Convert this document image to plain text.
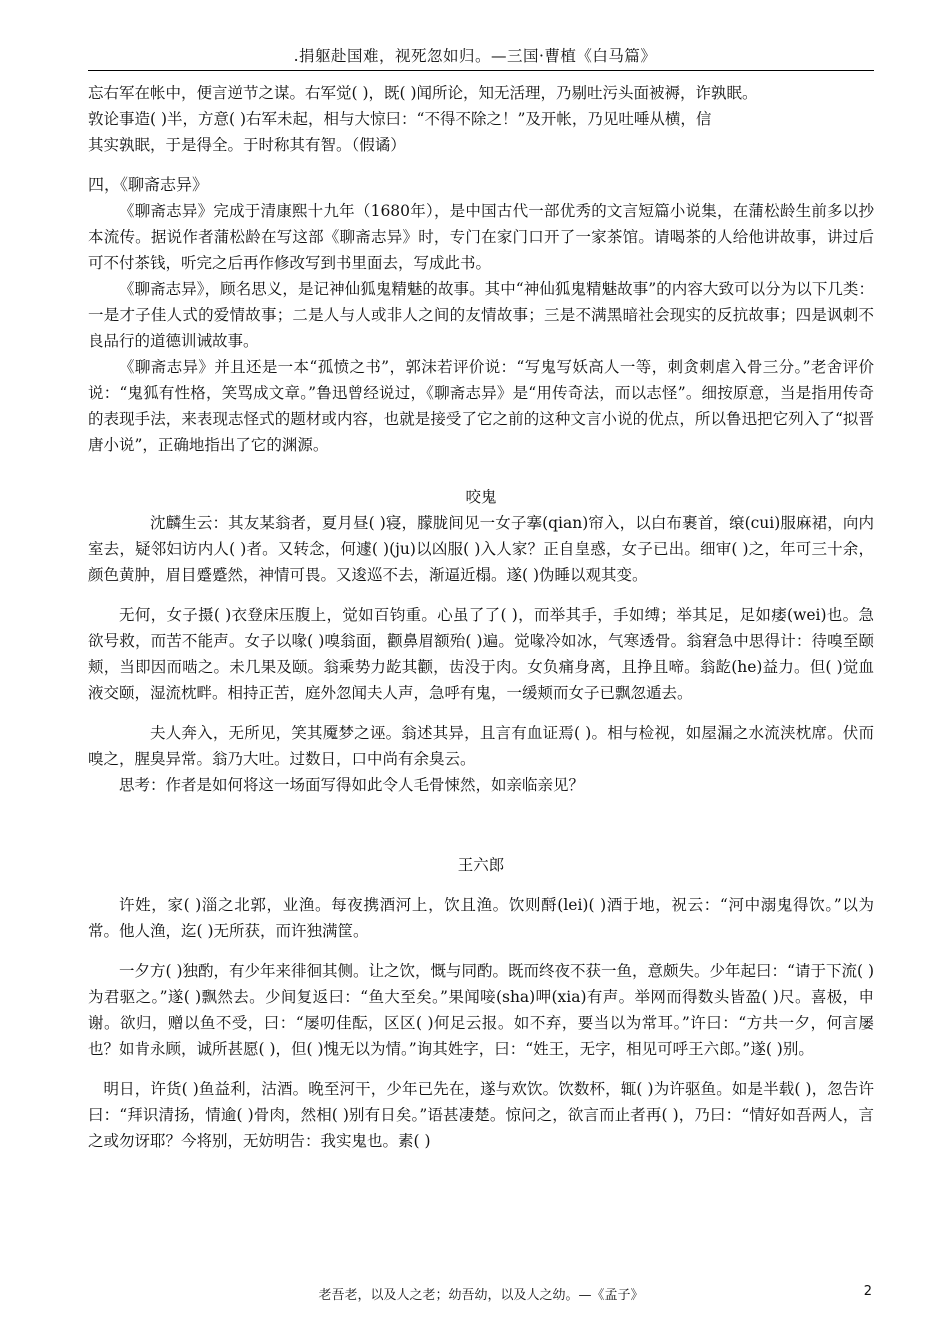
.捐躯赴国难，视死忽如归。—三国·曹植《白马篇》

忘右军在帐中，便言逆节之谋。右军觉( )，既( )闻所论，知无活理，乃剔吐污头面被褥，诈孰眠。

敦论事造( )半，方意( )右军未起，相与大惊曰：“不得不除之！”及开帐，乃见吐唾从横，信

其实孰眠，于是得全。于时称其有智。（假谲）

四，《聊斋志异》

《聊斋志异》完成于清康熙十九年（1680年），是中国古代一部优秀的文言短篇小说集，在蒲松龄生前多以抄本流传。据说作者蒲松龄在写这部《聊斋志异》时，专门在家门口开了一家茶馆。请喝茶的人给他讲故事，讲过后可不付茶钱，听完之后再作修改写到书里面去，写成此书。

《聊斋志异》，顾名思义，是记神仙狐鬼精魅的故事。其中“神仙狐鬼精魅故事”的内容大致可以分为以下几类：一是才子佳人式的爱情故事；二是人与人或非人之间的友情故事；三是不满黑暗社会现实的反抗故事；四是讽刺不良品行的道德训诫故事。

《聊斋志异》并且还是一本“孤愤之书”，郭沫若评价说：“写鬼写妖高人一等，刺贪刺虐入骨三分。”老舍评价说：“鬼狐有性格，笑骂成文章。”鲁迅曾经说过，《聊斋志异》是“用传奇法，而以志怪”。细按原意，当是指用传奇的表现手法，来表现志怪式的题材或内容，也就是接受了它之前的这种文言小说的优点，所以鲁迅把它列入了“拟晋唐小说”，正确地指出了它的渊源。

咬鬼

沈麟生云：其友某翁者，夏月昼( )寝，朦胧间见一女子搴(qian)帘入，以白布裹首，缞(cui)服麻裙，向内室去，疑邻妇访内人( )者。又转念，何遽( )(ju)以凶服( )入人家？正自皇惑，女子已出。细审( )之，年可三十余，颜色黄肿，眉目蹙蹙然，神情可畏。又逡巡不去，渐逼近榻。遂( )伪睡以观其变。

无何，女子摄( )衣登床压腹上，觉如百钧重。心虽了了( )，而举其手，手如缚；举其足，足如痿(wei)也。急欲号救，而苦不能声。女子以喙( )嗅翁面，颧鼻眉额殆( )遍。觉喙冷如冰，气寒透骨。翁窘急中思得计：待嗅至颐颊，当即因而啮之。未几果及颐。翁乘势力龁其颧，齿没于肉。女负痛身离，且挣且啼。翁龁(he)益力。但( )觉血液交颐，湿流枕畔。相持正苦，庭外忽闻夫人声，急呼有鬼，一缓颊而女子已飘忽遁去。

夫人奔入，无所见，笑其魇梦之诬。翁述其异，且言有血证焉( )。相与检视，如屋漏之水流浃枕席。伏而嗅之，腥臭异常。翁乃大吐。过数日，口中尚有余臭云。

思考：作者是如何将这一场面写得如此令人毛骨悚然，如亲临亲见？

王六郎

许姓，家( )淄之北郭，业渔。每夜携酒河上，饮且渔。饮则酹(lei)( )酒于地，祝云：“河中溺鬼得饮。”以为常。他人渔，迄( )无所获，而许独满筐。

一夕方( )独酌，有少年来徘徊其侧。让之饮，慨与同酌。既而终夜不获一鱼，意颇失。少年起曰：“请于下流( )为君驱之。”遂( )飘然去。少间复返曰：“鱼大至矣。”果闻唼(sha)呷(xia)有声。举网而得数头皆盈( )尺。喜极，申谢。欲归，赠以鱼不受，曰：“屡叨佳酝，区区( )何足云报。如不弃，要当以为常耳。”许曰：“方共一夕，何言屡也？如肯永顾，诚所甚愿( )，但( )愧无以为情。”询其姓字，曰：“姓王，无字，相见可呼王六郎。”遂( )别。

明日，许货( )鱼益利，沽酒。晚至河干，少年已先在，遂与欢饮。饮数杯，辄( )为许驱鱼。如是半载( )，忽告许曰：“拜识清扬，情逾( )骨肉，然相( )别有日矣。”语甚凄楚。惊问之，欲言而止者再( )，乃曰：“情好如吾两人，言之或勿讶耶？今将别，无妨明告：我实鬼也。素( )

老吾老，以及人之老；幼吾幼，以及人之幼。—《孟子》	2
